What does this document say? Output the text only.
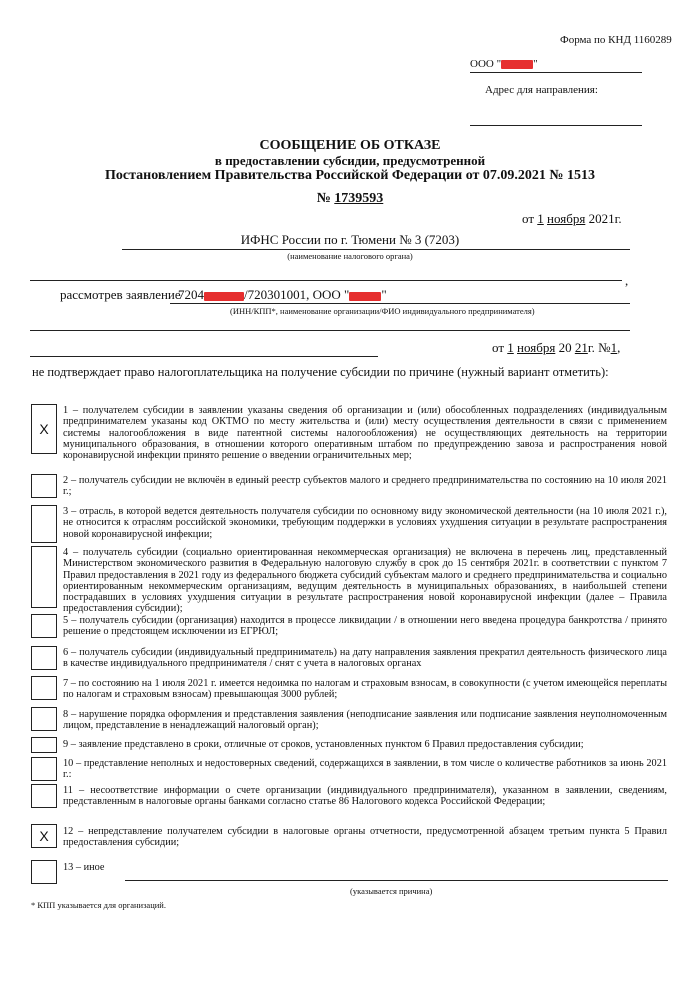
Форма по КНД 1160289
ООО "	"
Адрес для направления:
СООБЩЕНИЕ ОБ ОТКАЗЕ
в предоставлении субсидии, предусмотренной
Постановлением Правительства Российской Федерации от 07.09.2021 № 1513
№ 1739593
от 1 ноября 2021г.
ИФНС России по г. Тюмени № 3 (7203)
(наименование налогового органа)
,
рассмотрев заявление
7204	/720301001, ООО " "
(ИНН/КПП*, наименование организации/ФИО индивидуального предпринимателя)
от 1 ноября 20 21г. №1,
не подтверждает право налогоплательщика на получение субсидии по причине (нужный вариант отметить):
X
1 – получателем субсидии в заявлении указаны сведения об организации и (или) обособленных подразделениях (индивидуальным предпринимателем указаны код ОКТМО по месту жительства и (или) месту осуществления деятельности в связи с применением системы налогообложения в виде патентной системы налогообложения) не осуществляющих деятельность на территории муниципального образования, в отношении которого оперативным штабом по предупреждению завоза и распространения новой коронавирусной инфекции принято решение о введении ограничительных мер;
2 – получатель субсидии не включён в единый реестр субъектов малого и среднего предпринимательства по состоянию на 10 июля 2021 г.;
3 – отрасль, в которой ведется деятельность получателя субсидии по основному виду экономической деятельности (на 10 июля 2021 г.), не относится к отраслям российской экономики, требующим поддержки в условиях ухудшения ситуации в результате распространения новой коронавирусной инфекции;
4 – получатель субсидии (социально ориентированная некоммерческая организация) не включена в перечень лиц, представленный Министерством экономического развития в Федеральную налоговую службу в срок до 15 сентября 2021г. в соответствии с пунктом 7 Правил предоставления в 2021 году из федерального бюджета субсидий субъектам малого и среднего предпринимательства и социально ориентированным некоммерческим организациям, ведущим деятельность в муниципальных образованиях, в наибольшей степени пострадавших в условиях ухудшения ситуации в результате распространения новой коронавирусной инфекции (далее – Правила предоставления субсидии);
5 – получатель субсидии (организация) находится в процессе ликвидации / в отношении него введена процедура банкротства / принято решение о предстоящем исключении из ЕГРЮЛ;
6 – получатель субсидии (индивидуальный предприниматель) на дату направления заявления прекратил деятельность физического лица в качестве индивидуального предпринимателя / снят с учета в налоговых органах
7 – по состоянию на 1 июля 2021 г. имеется недоимка по налогам и страховым взносам, в совокупности (с учетом имеющейся переплаты по налогам и страховым взносам) превышающая 3000 рублей;
8 – нарушение порядка оформления и представления заявления (неподписание заявления или подписание заявления неуполномоченным лицом, представление в ненадлежащий налоговый орган);
9 – заявление представлено в сроки, отличные от сроков, установленных пунктом 6 Правил предоставления субсидии;
10 – представление неполных и недостоверных сведений, содержащихся в заявлении, в том числе о количестве работников за июнь 2021 г.:
11 – несоответствие информации о счете организации (индивидуального предпринимателя), указанном в заявлении, сведениям, представленным в налоговые органы банками согласно статье 86 Налогового кодекса Российской Федерации;
X	12 – непредставление получателем субсидии в налоговые органы отчетности, предусмотренной абзацем третьим пункта 5 Правил предоставления субсидии;
13 – иное
(указывается причина)
* КПП указывается для организаций.
